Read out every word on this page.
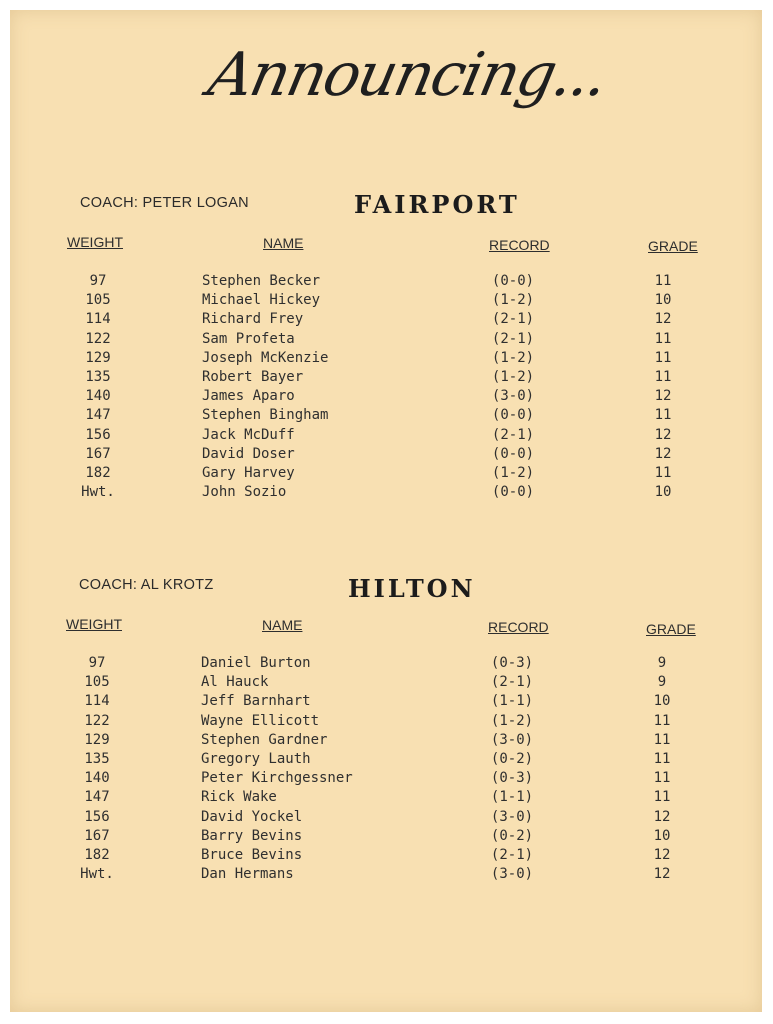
Announcing...
COACH: PETER LOGAN	FAIRPORT
WEIGHT	NAME	RECORD	GRADE
97	Stephen Becker	(0-0)	11
105	Michael Hickey	(1-2)	10
114	Richard Frey	(2-1)	12
122	Sam Profeta	(2-1)	11
129	Joseph McKenzie	(1-2)	11
135	Robert Bayer	(1-2)	11
140	James Aparo	(3-0)	12
147	Stephen Bingham	(0-0)	11
156	Jack McDuff	(2-1)	12
167	David Doser	(0-0)	12
182	Gary Harvey	(1-2)	11
Hwt.	John Sozio	(0-0)	10
COACH: AL KROTZ	HILTON
WEIGHT	NAME	RECORD	GRADE
97	Daniel Burton	(0-3)	9
105	Al Hauck	(2-1)	9
114	Jeff Barnhart	(1-1)	10
122	Wayne Ellicott	(1-2)	11
129	Stephen Gardner	(3-0)	11
135	Gregory Lauth	(0-2)	11
140	Peter Kirchgessner	(0-3)	11
147	Rick Wake	(1-1)	11
156	David Yockel	(3-0)	12
167	Barry Bevins	(0-2)	10
182	Bruce Bevins	(2-1)	12
Hwt.	Dan Hermans	(3-0)	12
